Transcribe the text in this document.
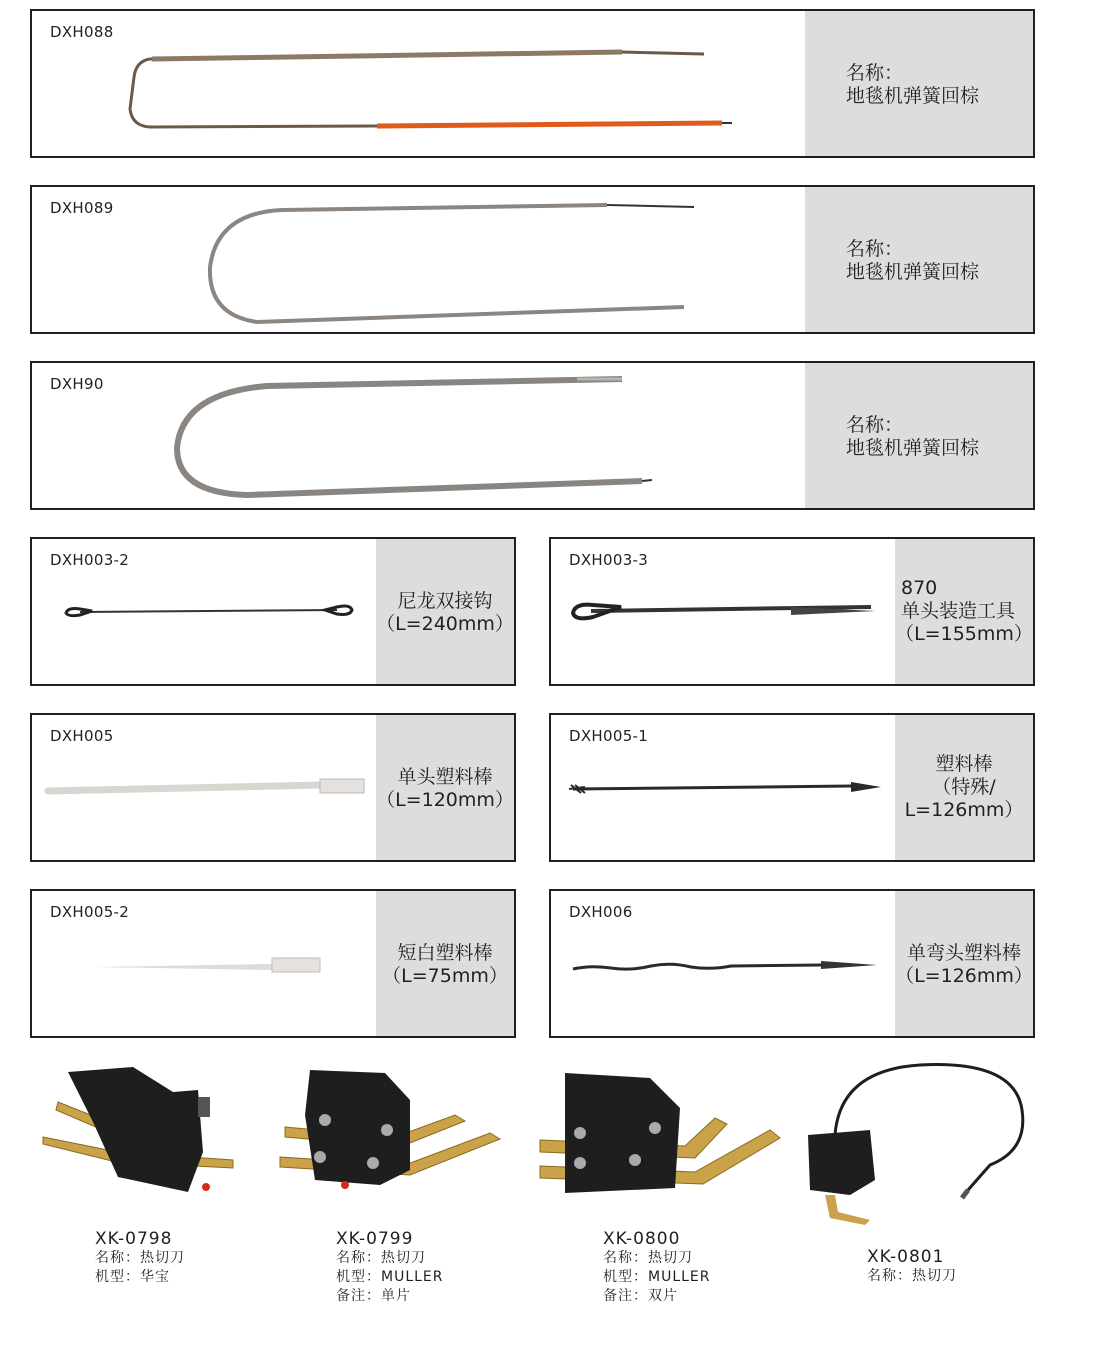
DXH088
名称：
地毯机弹簧回棕
DXH089
名称：
地毯机弹簧回棕
DXH90
名称：
地毯机弹簧回棕
DXH003-2
尼龙双接钩
（L=240mm）
DXH003-3
870
单头装造工具
（L=155mm）
DXH005
单头塑料棒
（L=120mm）
DXH005-1
塑料棒
（特殊/
L=126mm）
DXH005-2
短白塑料棒
（L=75mm）
DXH006
单弯头塑料棒
（L=126mm）
XK-0798
名称：热切刀
机型：华宝
XK-0799
名称：热切刀
机型：MULLER
备注：单片
XK-0800
名称：热切刀
机型：MULLER
备注：双片
XK-0801
名称：热切刀
